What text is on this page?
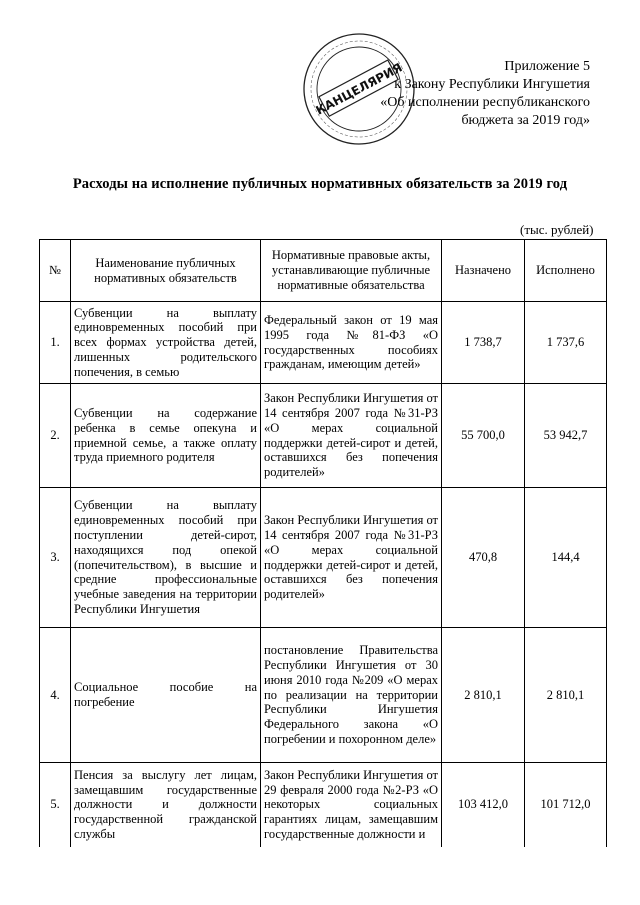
КАНЦЕЛЯРИЯ	Приложение 5
к Закону Республики Ингушетия
«Об исполнении республиканского
бюджета за 2019 год»
Расходы на исполнение публичных нормативных обязательств за 2019 год
(тыс. рублей)
№	Наименование публичных нормативных обязательств	Нормативные правовые акты, устанавливающие публичные нормативные обязательства	Назначено	Исполнено
1.	Субвенции на выплату единовременных пособий при всех формах устройства детей, лишенных родительского попечения, в семью	Федеральный закон от 19 мая 1995 года №81-ФЗ «О государственных пособиях гражданам, имеющим детей»	1 738,7	1 737,6
2.	Субвенции на содержание ребенка в семье опекуна и приемной семье, а также оплату труда приемного родителя	Закон Республики Ингушетия от 14 сентября 2007 года №31-РЗ «О мерах социальной поддержки детей-сирот и детей, оставшихся без попечения родителей»	55 700,0	53 942,7
3.	Субвенции на выплату единовременных пособий при поступлении детей-сирот, находящихся под опекой (попечительством), в высшие и средние профессиональные учебные заведения на территории Республики Ингушетия	Закон Республики Ингушетия от 14 сентября 2007 года №31-РЗ «О мерах социальной поддержки детей-сирот и детей, оставшихся без попечения родителей»	470,8	144,4
4.	Социальное пособие на погребение	постановление Правительства Республики Ингушетия от 30 июня 2010 года №209 «О мерах по реализации на территории Республики Ингушетия Федерального закона «О погребении и похоронном деле»	2 810,1	2 810,1
5.	Пенсия за выслугу лет лицам, замещавшим государственные должности и должности государственной гражданской службы	Закон Республики Ингушетия от 29 февраля 2000 года №2-РЗ «О некоторых социальных гарантиях лицам, замещавшим государственные должности и	103 412,0	101 712,0
